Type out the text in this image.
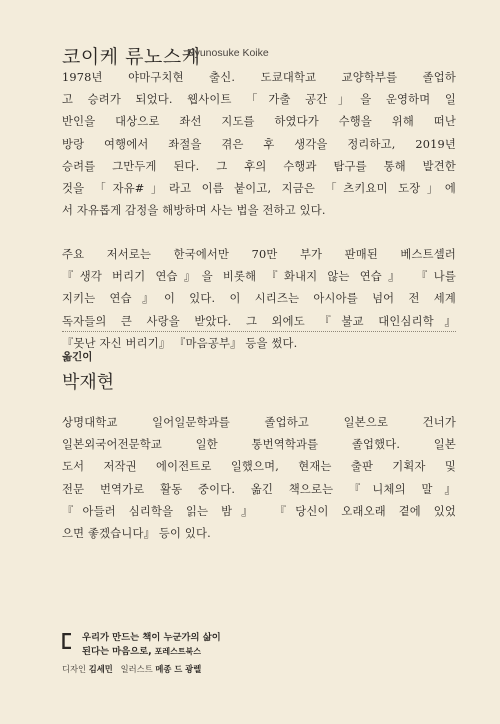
코이케 류노스케
Ryunosuke Koike

1978년 야마구치현 출신. 도쿄대학교 교양학부를 졸업하
고 승려가 되었다. 웹사이트 「가출 공간」을 운영하며 일
반인을 대상으로 좌선 지도를 하였다가 수행을 위해 떠난
방랑 여행에서 좌절을 겪은 후 생각을 정리하고, 2019년
승려를 그만두게 된다. 그 후의 수행과 탐구를 통해 발견한
것을 「자유#」라고 이름 붙이고, 지금은 「츠키요미 도장」에
서 자유롭게 감정을 해방하며 사는 법을 전하고 있다.

주요 저서로는 한국에서만 70만 부가 판매된 베스트셀러
『생각 버리기 연습』을 비롯해 『화내지 않는 연습』 『나를
지키는 연습』이 있다. 이 시리즈는 아시아를 넘어 전 세계
독자들의 큰 사랑을 받았다. 그 외에도 『불교 대인심리학』
『못난 자신 버리기』 『마음공부』 등을 썼다.

옮긴이
박재현

상명대학교 일어일문학과를 졸업하고 일본으로 건너가
일본외국어전문학교 일한 통번역학과를 졸업했다. 일본
도서 저작권 에이전트로 일했으며, 현재는 출판 기획자 및
전문 번역가로 활동 중이다. 옮긴 책으로는 『니체의 말』
『아들러 심리학을 읽는 밤』 『당신이 오래오래 곁에 있었
으면 좋겠습니다』 등이 있다.

우리가 만드는 책이 누군가의 삶이
된다는 마음으로, 포레스트북스
디자인 김세민 일러스트 메종 드 광렐
